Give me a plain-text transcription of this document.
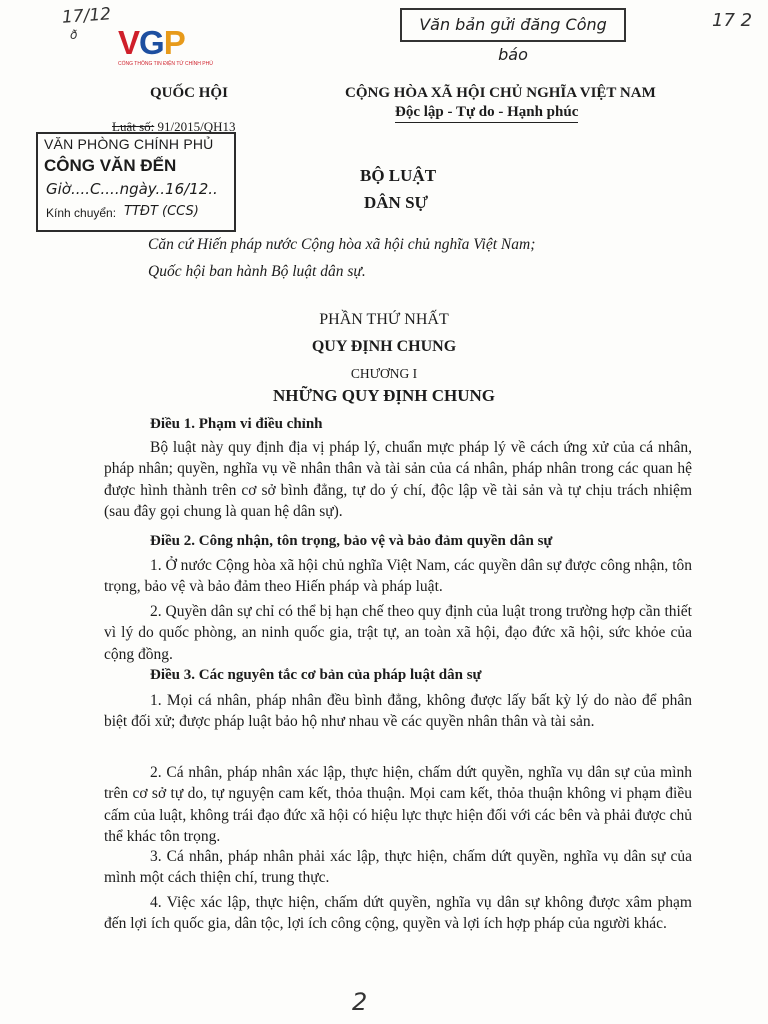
17/12
ð
17 2
2
VGP
CỔNG THÔNG TIN ĐIỆN TỬ CHÍNH PHỦ
Văn bản gửi đăng Công báo
QUỐC HỘI	CỘNG HÒA XÃ HỘI CHỦ NGHĨA VIỆT NAM
Độc lập - Tự do - Hạnh phúc
Luật số: 91/2015/QH13
VĂN PHÒNG CHÍNH PHỦ
CÔNG VĂN ĐẾN
Giờ....C....ngày..16/12..
Kính chuyển: TTĐT (CCS)
BỘ LUẬT
DÂN SỰ
Căn cứ Hiến pháp nước Cộng hòa xã hội chủ nghĩa Việt Nam;
Quốc hội ban hành Bộ luật dân sự.
PHẦN THỨ NHẤT
QUY ĐỊNH CHUNG
CHƯƠNG I
NHỮNG QUY ĐỊNH CHUNG
Điều 1. Phạm vi điều chỉnh
Bộ luật này quy định địa vị pháp lý, chuẩn mực pháp lý về cách ứng xử của cá nhân, pháp nhân; quyền, nghĩa vụ về nhân thân và tài sản của cá nhân, pháp nhân trong các quan hệ được hình thành trên cơ sở bình đẳng, tự do ý chí, độc lập về tài sản và tự chịu trách nhiệm (sau đây gọi chung là quan hệ dân sự).
Điều 2. Công nhận, tôn trọng, bảo vệ và bảo đảm quyền dân sự
1. Ở nước Cộng hòa xã hội chủ nghĩa Việt Nam, các quyền dân sự được công nhận, tôn trọng, bảo vệ và bảo đảm theo Hiến pháp và pháp luật.
2. Quyền dân sự chỉ có thể bị hạn chế theo quy định của luật trong trường hợp cần thiết vì lý do quốc phòng, an ninh quốc gia, trật tự, an toàn xã hội, đạo đức xã hội, sức khỏe của cộng đồng.
Điều 3. Các nguyên tắc cơ bản của pháp luật dân sự
1. Mọi cá nhân, pháp nhân đều bình đẳng, không được lấy bất kỳ lý do nào để phân biệt đối xử; được pháp luật bảo hộ như nhau về các quyền nhân thân và tài sản.
2. Cá nhân, pháp nhân xác lập, thực hiện, chấm dứt quyền, nghĩa vụ dân sự của mình trên cơ sở tự do, tự nguyện cam kết, thỏa thuận. Mọi cam kết, thỏa thuận không vi phạm điều cấm của luật, không trái đạo đức xã hội có hiệu lực thực hiện đối với các bên và phải được chủ thể khác tôn trọng.
3. Cá nhân, pháp nhân phải xác lập, thực hiện, chấm dứt quyền, nghĩa vụ dân sự của mình một cách thiện chí, trung thực.
4. Việc xác lập, thực hiện, chấm dứt quyền, nghĩa vụ dân sự không được xâm phạm đến lợi ích quốc gia, dân tộc, lợi ích công cộng, quyền và lợi ích hợp pháp của người khác.
